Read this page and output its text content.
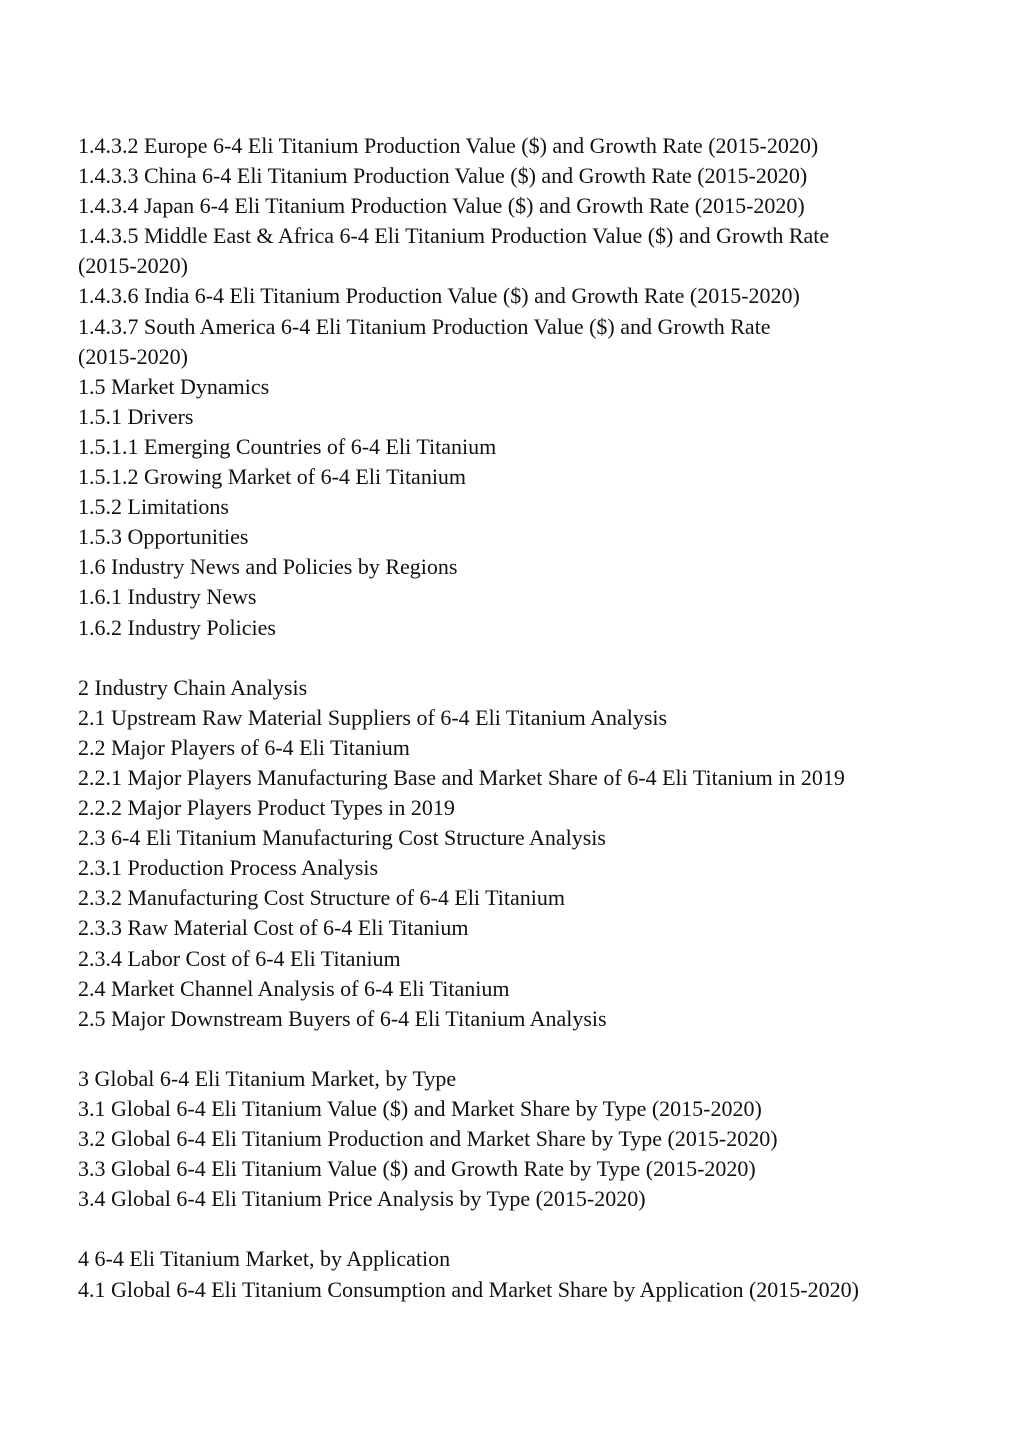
1.4.3.2 Europe 6-4 Eli Titanium Production Value ($) and Growth Rate (2015-2020)
1.4.3.3 China 6-4 Eli Titanium Production Value ($) and Growth Rate (2015-2020)
1.4.3.4 Japan 6-4 Eli Titanium Production Value ($) and Growth Rate (2015-2020)
1.4.3.5 Middle East & Africa 6-4 Eli Titanium Production Value ($) and Growth Rate
(2015-2020)
1.4.3.6 India 6-4 Eli Titanium Production Value ($) and Growth Rate (2015-2020)
1.4.3.7 South America 6-4 Eli Titanium Production Value ($) and Growth Rate
(2015-2020)
1.5 Market Dynamics
1.5.1 Drivers
1.5.1.1 Emerging Countries of 6-4 Eli Titanium
1.5.1.2 Growing Market of 6-4 Eli Titanium
1.5.2 Limitations
1.5.3 Opportunities
1.6 Industry News and Policies by Regions
1.6.1 Industry News
1.6.2 Industry Policies
2 Industry Chain Analysis
2.1 Upstream Raw Material Suppliers of 6-4 Eli Titanium Analysis
2.2 Major Players of 6-4 Eli Titanium
2.2.1 Major Players Manufacturing Base and Market Share of 6-4 Eli Titanium in 2019
2.2.2 Major Players Product Types in 2019
2.3 6-4 Eli Titanium Manufacturing Cost Structure Analysis
2.3.1 Production Process Analysis
2.3.2 Manufacturing Cost Structure of 6-4 Eli Titanium
2.3.3 Raw Material Cost of 6-4 Eli Titanium
2.3.4 Labor Cost of 6-4 Eli Titanium
2.4 Market Channel Analysis of 6-4 Eli Titanium
2.5 Major Downstream Buyers of 6-4 Eli Titanium Analysis
3 Global 6-4 Eli Titanium Market, by Type
3.1 Global 6-4 Eli Titanium Value ($) and Market Share by Type (2015-2020)
3.2 Global 6-4 Eli Titanium Production and Market Share by Type (2015-2020)
3.3 Global 6-4 Eli Titanium Value ($) and Growth Rate by Type (2015-2020)
3.4 Global 6-4 Eli Titanium Price Analysis by Type (2015-2020)
4 6-4 Eli Titanium Market, by Application
4.1 Global 6-4 Eli Titanium Consumption and Market Share by Application (2015-2020)
